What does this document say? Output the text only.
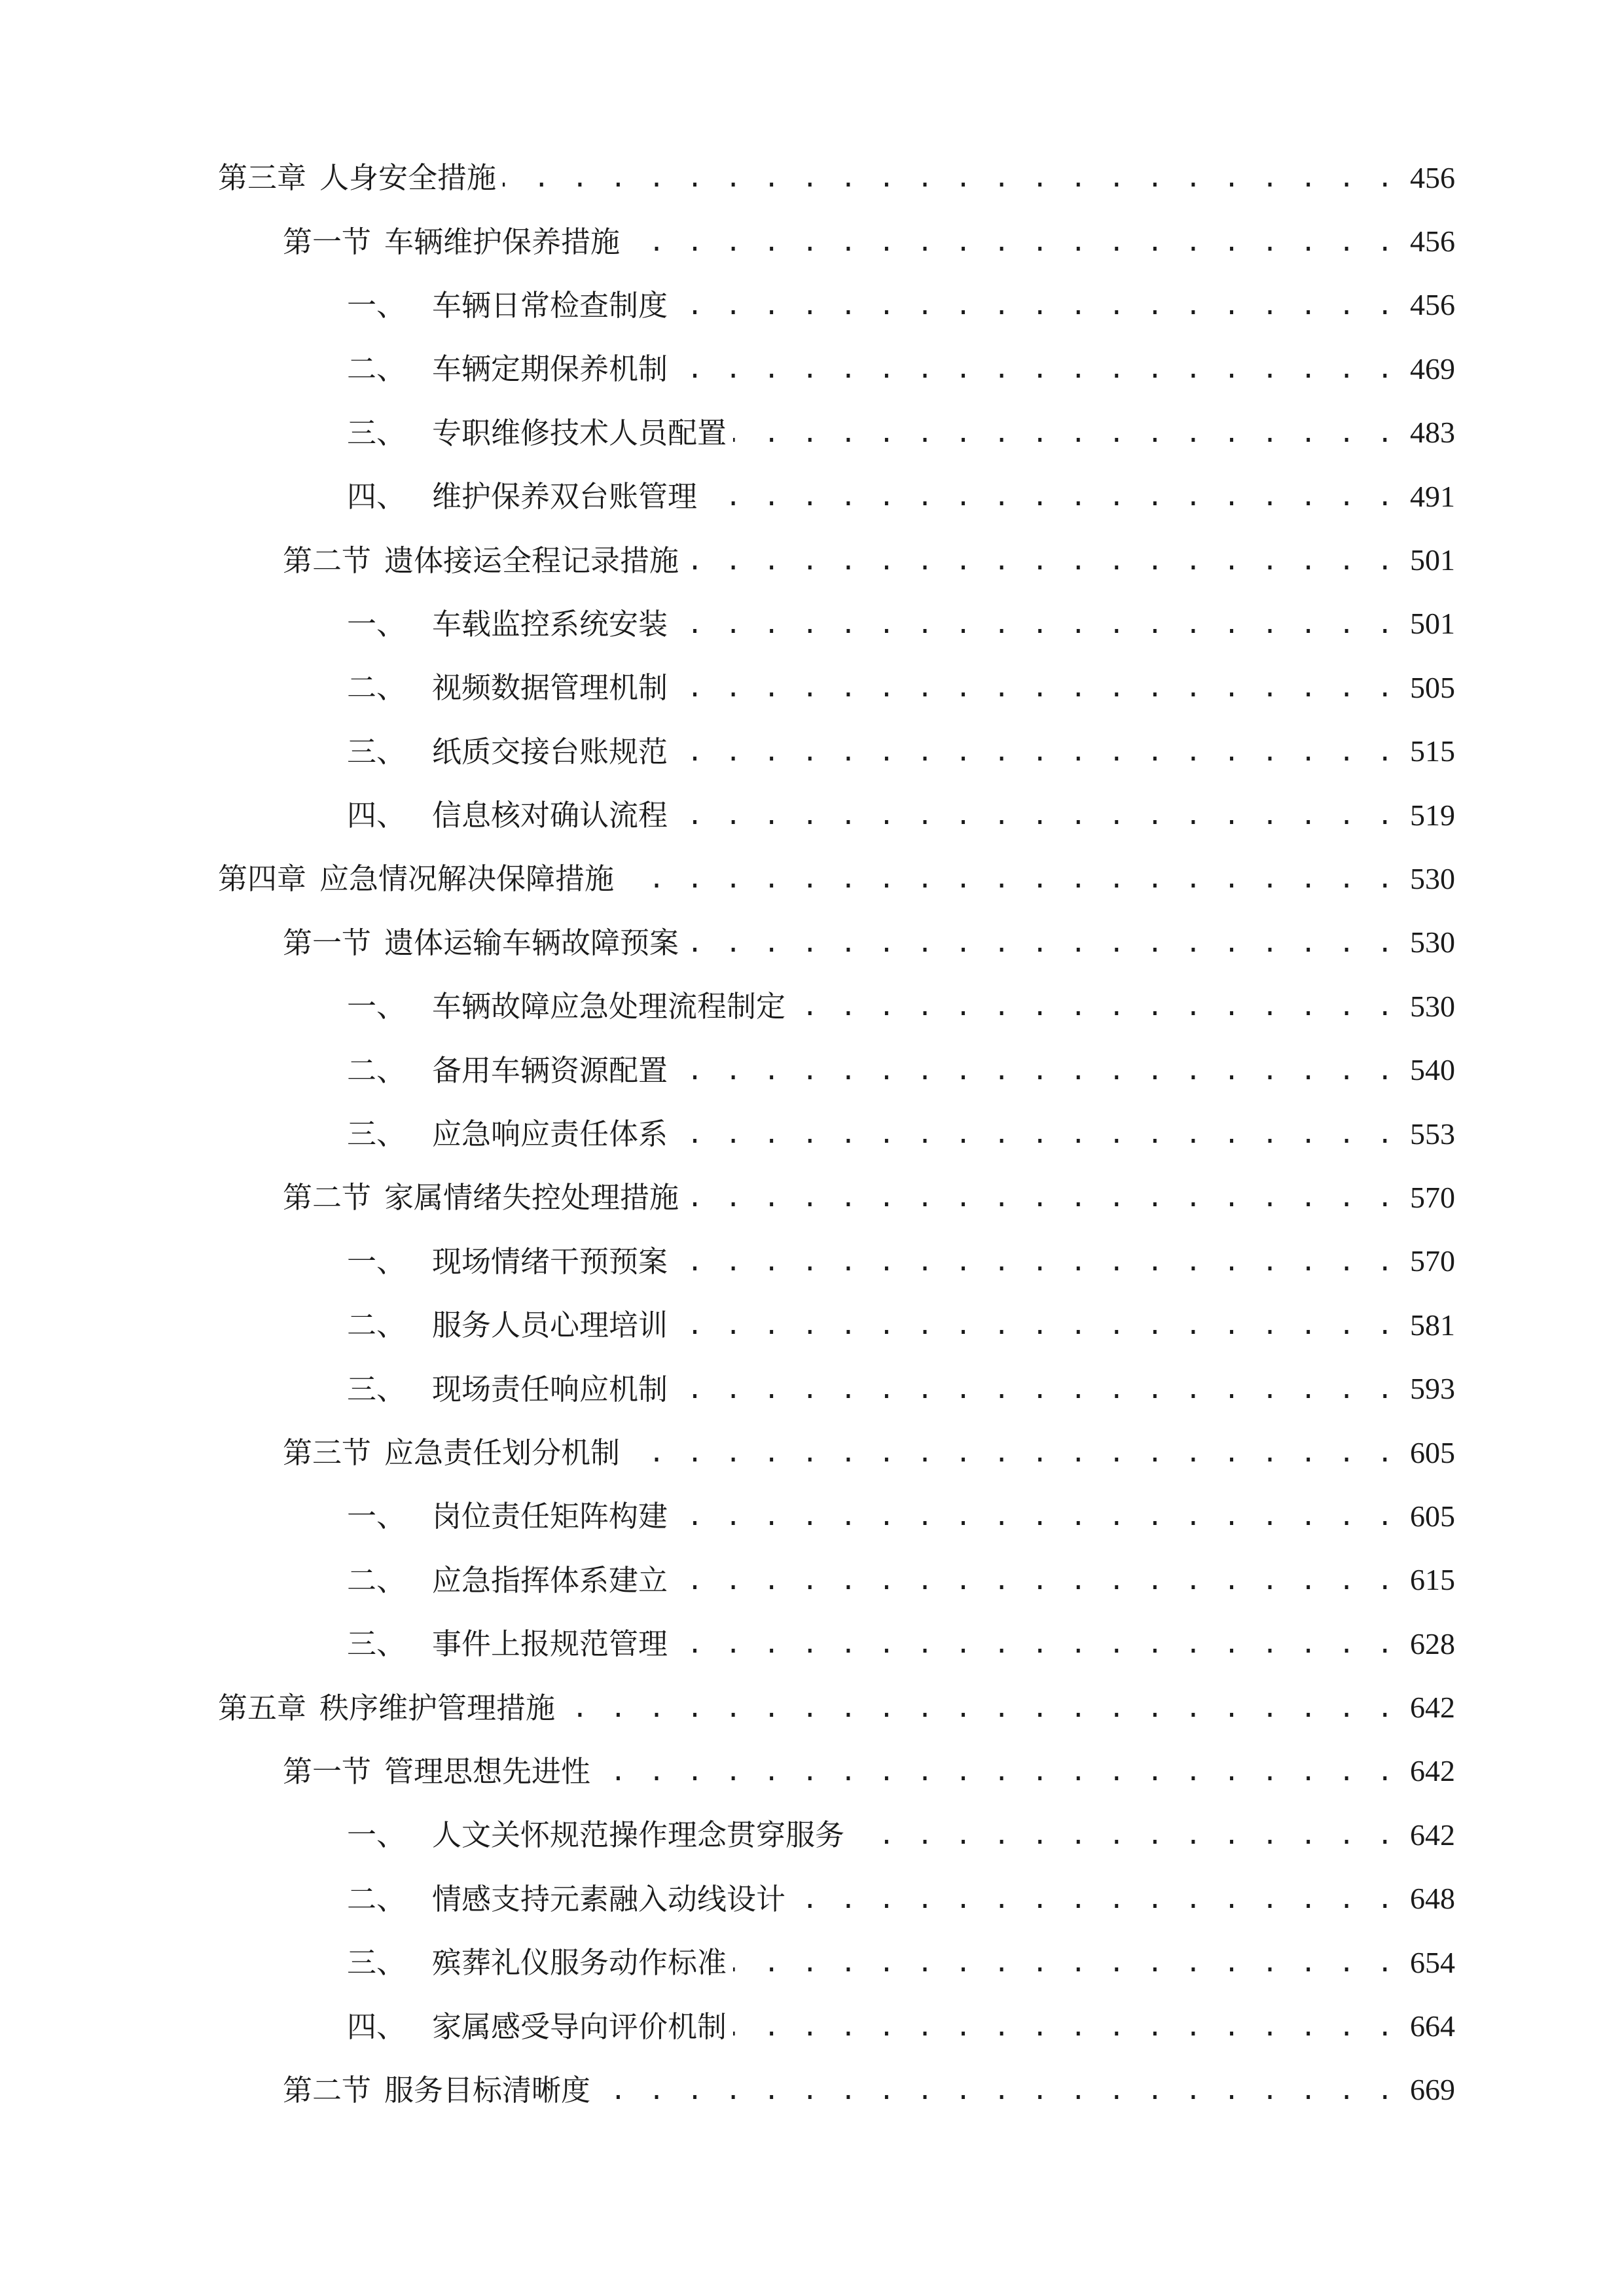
第三章 人身安全措施 . . .	456
第一节 车辆维护保养措施 . . .	456
一、 车辆日常检查制度 . . .	456
二、 车辆定期保养机制 . . .	469
三、 专职维修技术人员配置 . . .	483
四、 维护保养双台账管理 . . .	491
第二节 遗体接运全程记录措施 . . .	501
一、 车载监控系统安装 . . .	501
二、 视频数据管理机制 . . .	505
三、 纸质交接台账规范 . . .	515
四、 信息核对确认流程 . . .	519
第四章 应急情况解决保障措施 . . .	530
第一节 遗体运输车辆故障预案 . . .	530
一、 车辆故障应急处理流程制定 . . .	530
二、 备用车辆资源配置 . . .	540
三、 应急响应责任体系 . . .	553
第二节 家属情绪失控处理措施 . . .	570
一、 现场情绪干预预案 . . .	570
二、 服务人员心理培训 . . .	581
三、 现场责任响应机制 . . .	593
第三节 应急责任划分机制 . . .	605
一、 岗位责任矩阵构建 . . .	605
二、 应急指挥体系建立 . . .	615
三、 事件上报规范管理 . . .	628
第五章 秩序维护管理措施 . . .	642
第一节 管理思想先进性 . . .	642
一、 人文关怀规范操作理念贯穿服务 . . .	642
二、 情感支持元素融入动线设计 . . .	648
三、 殡葬礼仪服务动作标准 . . .	654
四、 家属感受导向评价机制 . . .	664
第二节 服务目标清晰度 . . .	669
